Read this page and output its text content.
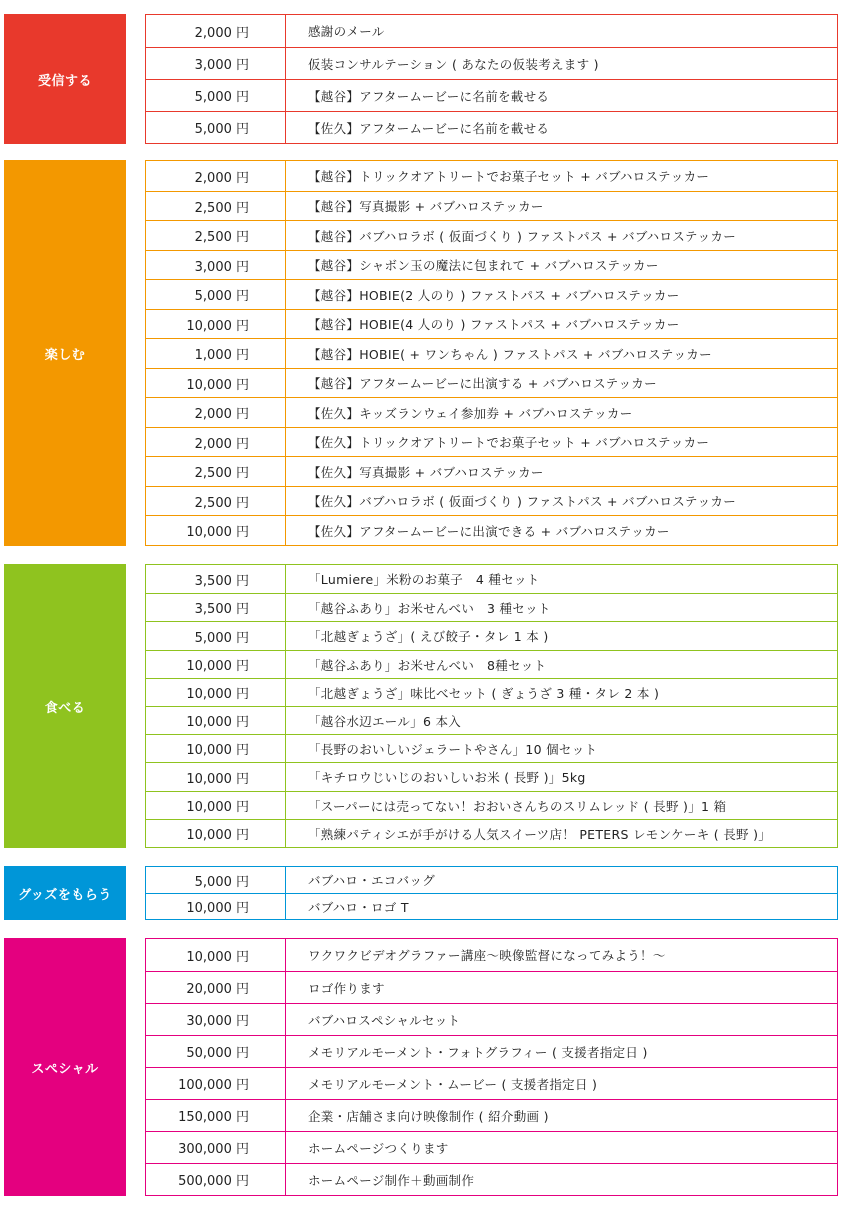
受信する
2,000 円	感謝のメール
3,000 円	仮装コンサルテーション ( あなたの仮装考えます )
5,000 円	【越谷】アフタームービーに名前を載せる
5,000 円	【佐久】アフタームービーに名前を載せる
楽しむ
2,000 円	【越谷】トリックオアトリートでお菓子セット + バブハロステッカー
2,500 円	【越谷】写真撮影 + バブハロステッカー
2,500 円	【越谷】バブハロラボ ( 仮面づくり ) ファストパス + バブハロステッカー
3,000 円	【越谷】シャボン玉の魔法に包まれて + バブハロステッカー
5,000 円	【越谷】HOBIE(2 人のり ) ファストパス + バブハロステッカー
10,000 円	【越谷】HOBIE(4 人のり ) ファストパス + バブハロステッカー
1,000 円	【越谷】HOBIE( + ワンちゃん ) ファストパス + バブハロステッカー
10,000 円	【越谷】アフタームービーに出演する + バブハロステッカー
2,000 円	【佐久】キッズランウェイ参加券 + バブハロステッカー
2,000 円	【佐久】トリックオアトリートでお菓子セット + バブハロステッカー
2,500 円	【佐久】写真撮影 + バブハロステッカー
2,500 円	【佐久】バブハロラボ ( 仮面づくり ) ファストパス + バブハロステッカー
10,000 円	【佐久】アフタームービーに出演できる + バブハロステッカー
食べる
3,500 円	「Lumiere」米粉のお菓子　4 種セット
3,500 円	「越谷ふあり」お米せんべい　3 種セット
5,000 円	「北越ぎょうざ」( えび餃子・タレ 1 本 )
10,000 円	「越谷ふあり」お米せんべい　8種セット
10,000 円	「北越ぎょうざ」味比べセット ( ぎょうざ 3 種・タレ 2 本 )
10,000 円	「越谷水辺エール」6 本入
10,000 円	「長野のおいしいジェラートやさん」10 個セット
10,000 円	「キチロウじいじのおいしいお米 ( 長野 )」5kg
10,000 円	「スーパーには売ってない！おおいさんちのスリムレッド ( 長野 )」1 箱
10,000 円	「熟練パティシエが手がける人気スイーツ店！ PETERS レモンケーキ ( 長野 )」
グッズをもらう
5,000 円	バブハロ・エコバッグ
10,000 円	バブハロ・ロゴ T
スペシャル
10,000 円	ワクワクビデオグラファー講座～映像監督になってみよう！～
20,000 円	ロゴ作ります
30,000 円	バブハロスペシャルセット
50,000 円	メモリアルモーメント・フォトグラフィー ( 支援者指定日 )
100,000 円	メモリアルモーメント・ムービー ( 支援者指定日 )
150,000 円	企業・店舗さま向け映像制作 ( 紹介動画 )
300,000 円	ホームページつくります
500,000 円	ホームページ制作＋動画制作
